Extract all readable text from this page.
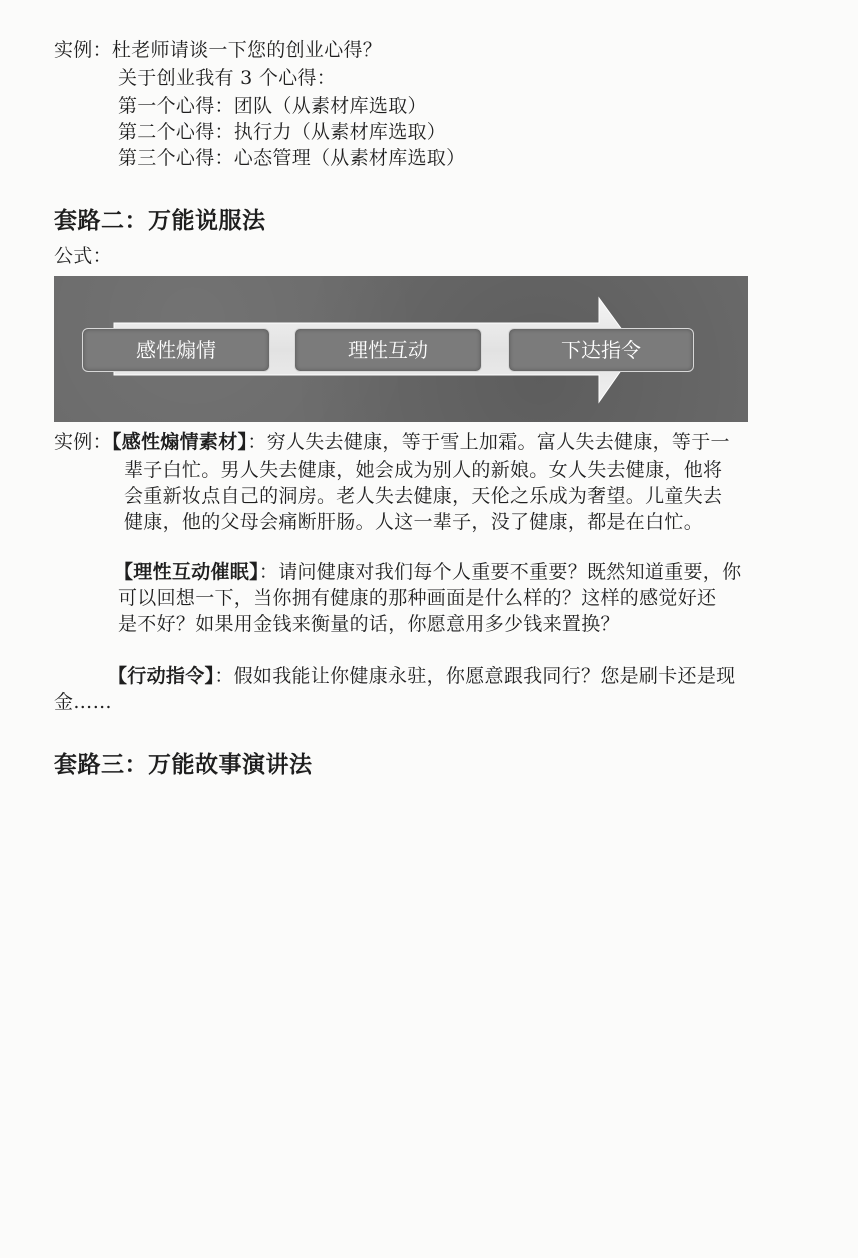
实例：杜老师请谈一下您的创业心得？
关于创业我有 3 个心得：
第一个心得：团队（从素材库选取）
第二个心得：执行力（从素材库选取）
第三个心得：心态管理（从素材库选取）
套路二：万能说服法
公式：
感性煽情	理性互动	下达指令
实例：【感性煽情素材】：穷人失去健康，等于雪上加霜。富人失去健康，等于一
辈子白忙。男人失去健康，她会成为别人的新娘。女人失去健康，他将
会重新妆点自己的洞房。老人失去健康，天伦之乐成为奢望。儿童失去
健康，他的父母会痛断肝肠。人这一辈子，没了健康，都是在白忙。
【理性互动催眠】：请问健康对我们每个人重要不重要？既然知道重要，你
可以回想一下，当你拥有健康的那种画面是什么样的？这样的感觉好还
是不好？如果用金钱来衡量的话，你愿意用多少钱来置换？
【行动指令】：假如我能让你健康永驻，你愿意跟我同行？您是刷卡还是现
金……
套路三：万能故事演讲法
